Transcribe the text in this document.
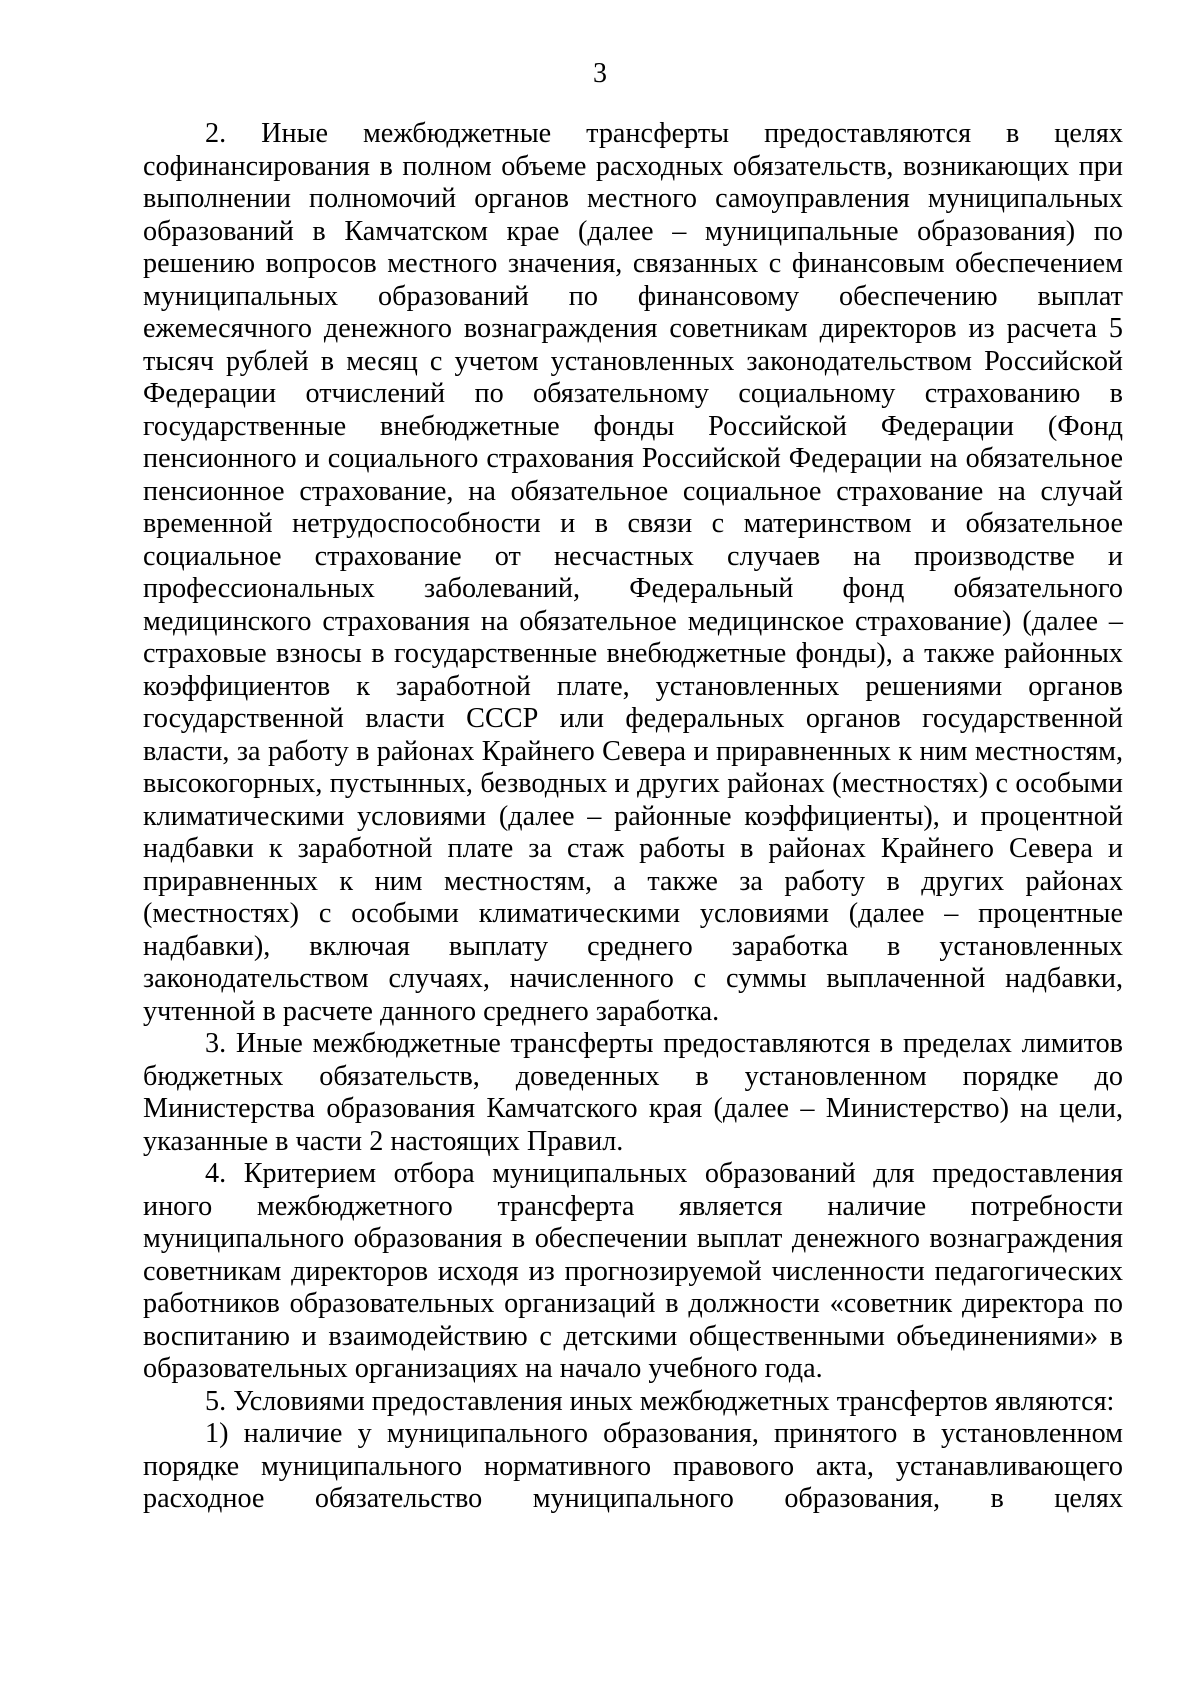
3

2. Иные межбюджетные трансферты предоставляются в целях софинансирования в полном объеме расходных обязательств, возникающих при выполнении полномочий органов местного самоуправления муниципальных образований в Камчатском крае (далее – муниципальные образования) по решению вопросов местного значения, связанных с финансовым обеспечением муниципальных образований по финансовому обеспечению выплат ежемесячного денежного вознаграждения советникам директоров из расчета 5 тысяч рублей в месяц с учетом установленных законодательством Российской Федерации отчислений по обязательному социальному страхованию в государственные внебюджетные фонды Российской Федерации (Фонд пенсионного и социального страхования Российской Федерации на обязательное пенсионное страхование, на обязательное социальное страхование на случай временной нетрудоспособности и в связи с материнством и обязательное социальное страхование от несчастных случаев на производстве и профессиональных заболеваний, Федеральный фонд обязательного медицинского страхования на обязательное медицинское страхование) (далее – страховые взносы в государственные внебюджетные фонды), а также районных коэффициентов к заработной плате, установленных решениями органов государственной власти СССР или федеральных органов государственной власти, за работу в районах Крайнего Севера и приравненных к ним местностям, высокогорных, пустынных, безводных и других районах (местностях) с особыми климатическими условиями (далее – районные коэффициенты), и процентной надбавки к заработной плате за стаж работы в районах Крайнего Севера и приравненных к ним местностям, а также за работу в других районах (местностях) с особыми климатическими условиями (далее – процентные надбавки), включая выплату среднего заработка в установленных законодательством случаях, начисленного с суммы выплаченной надбавки, учтенной в расчете данного среднего заработка.

3. Иные межбюджетные трансферты предоставляются в пределах лимитов бюджетных обязательств, доведенных в установленном порядке до Министерства образования Камчатского края (далее – Министерство) на цели, указанные в части 2 настоящих Правил.

4. Критерием отбора муниципальных образований для предоставления иного межбюджетного трансферта является наличие потребности муниципального образования в обеспечении выплат денежного вознаграждения советникам директоров исходя из прогнозируемой численности педагогических работников образовательных организаций в должности «советник директора по воспитанию и взаимодействию с детскими общественными объединениями» в образовательных организациях на начало учебного года.

5. Условиями предоставления иных межбюджетных трансфертов являются:

1) наличие у муниципального образования, принятого в установленном порядке муниципального нормативного правового акта, устанавливающего расходное обязательство муниципального образования, в целях
